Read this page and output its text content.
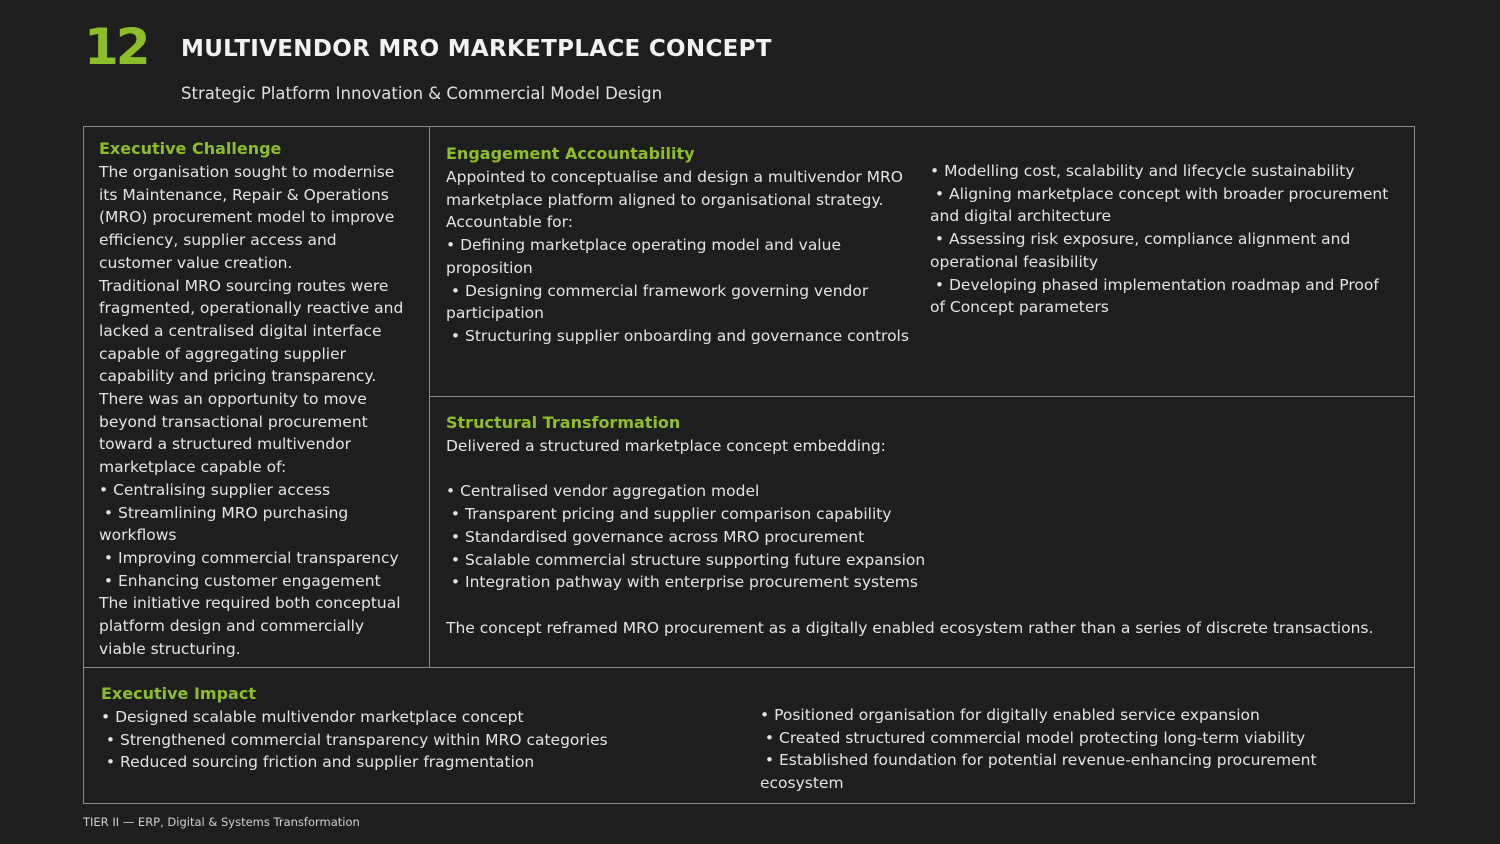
12 MULTIVENDOR MRO MARKETPLACE CONCEPT
Strategic Platform Innovation & Commercial Model Design
Executive Challenge
The organisation sought to modernise
its Maintenance, Repair & Operations
(MRO) procurement model to improve
efficiency, supplier access and
customer value creation.
Traditional MRO sourcing routes were
fragmented, operationally reactive and
lacked a centralised digital interface
capable of aggregating supplier
capability and pricing transparency.
There was an opportunity to move
beyond transactional procurement
toward a structured multivendor
marketplace capable of:
• Centralising supplier access
• Streamlining MRO purchasing
workflows
• Improving commercial transparency
• Enhancing customer engagement
The initiative required both conceptual
platform design and commercially
viable structuring.
Engagement Accountability
Appointed to conceptualise and design a multivendor MRO
marketplace platform aligned to organisational strategy.
Accountable for:
• Defining marketplace operating model and value
proposition
• Designing commercial framework governing vendor
participation
• Structuring supplier onboarding and governance controls
• Modelling cost, scalability and lifecycle sustainability
• Aligning marketplace concept with broader procurement
and digital architecture
• Assessing risk exposure, compliance alignment and
operational feasibility
• Developing phased implementation roadmap and Proof
of Concept parameters
Structural Transformation
Delivered a structured marketplace concept embedding:
• Centralised vendor aggregation model
• Transparent pricing and supplier comparison capability
• Standardised governance across MRO procurement
• Scalable commercial structure supporting future expansion
• Integration pathway with enterprise procurement systems
The concept reframed MRO procurement as a digitally enabled ecosystem rather than a series of discrete transactions.
Executive Impact
• Designed scalable multivendor marketplace concept
• Strengthened commercial transparency within MRO categories
• Reduced sourcing friction and supplier fragmentation
• Positioned organisation for digitally enabled service expansion
• Created structured commercial model protecting long-term viability
• Established foundation for potential revenue-enhancing procurement
ecosystem
TIER II — ERP, Digital & Systems Transformation
